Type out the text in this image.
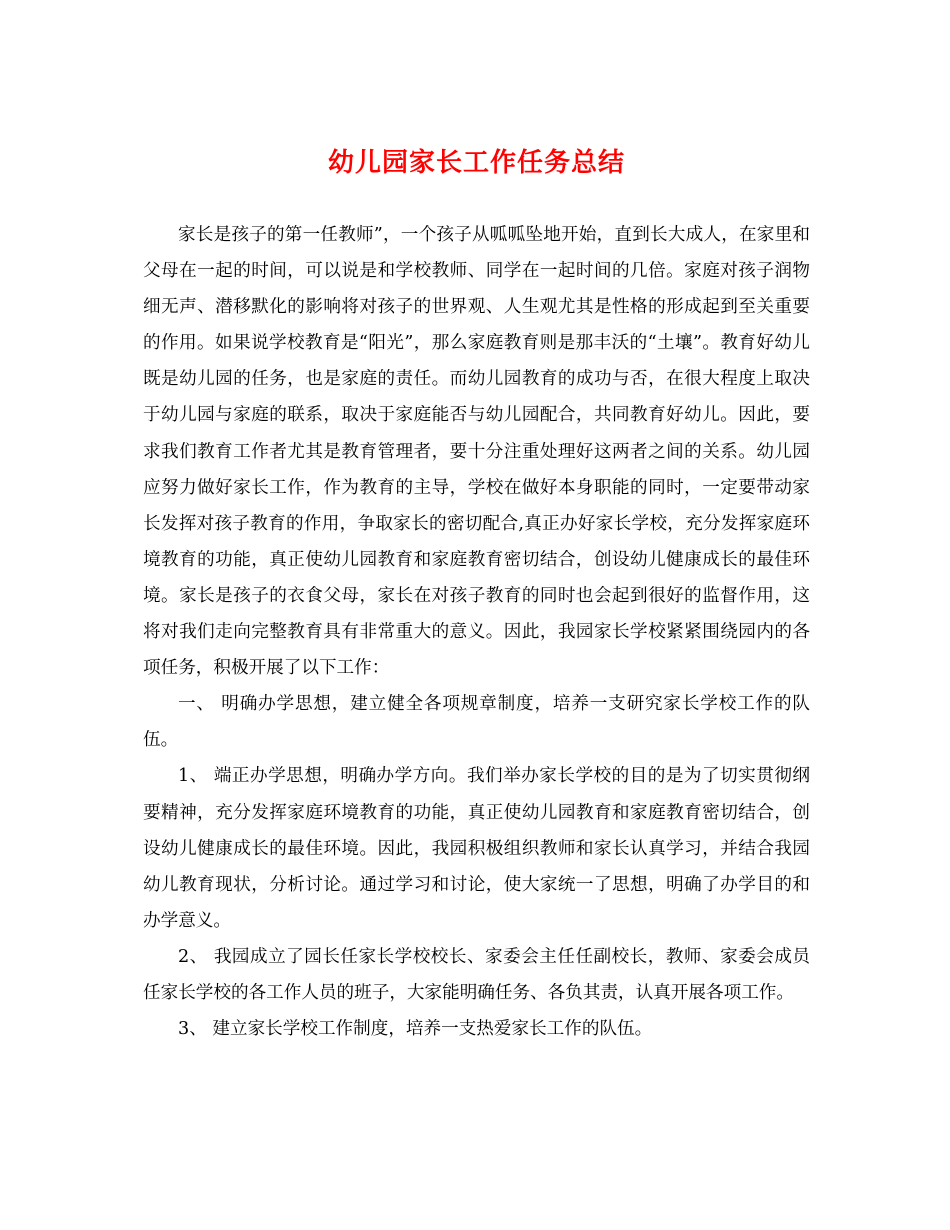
幼儿园家长工作任务总结

家长是孩子的第一任教师”，一个孩子从呱呱坠地开始，直到长大成人，在家里和父母在一起的时间，可以说是和学校教师、同学在一起时间的几倍。家庭对孩子润物细无声、潜移默化的影响将对孩子的世界观、人生观尤其是性格的形成起到至关重要的作用。如果说学校教育是“阳光”，那么家庭教育则是那丰沃的“土壤”。教育好幼儿既是幼儿园的任务，也是家庭的责任。而幼儿园教育的成功与否，在很大程度上取决于幼儿园与家庭的联系，取决于家庭能否与幼儿园配合，共同教育好幼儿。因此，要求我们教育工作者尤其是教育管理者，要十分注重处理好这两者之间的关系。幼儿园应努力做好家长工作，作为教育的主导，学校在做好本身职能的同时，一定要带动家长发挥对孩子教育的作用，争取家长的密切配合,真正办好家长学校，充分发挥家庭环境教育的功能，真正使幼儿园教育和家庭教育密切结合，创设幼儿健康成长的最佳环境。家长是孩子的衣食父母，家长在对孩子教育的同时也会起到很好的监督作用，这将对我们走向完整教育具有非常重大的意义。因此，我园家长学校紧紧围绕园内的各项任务，积极开展了以下工作：

一、 明确办学思想，建立健全各项规章制度，培养一支研究家长学校工作的队伍。

1、 端正办学思想，明确办学方向。我们举办家长学校的目的是为了切实贯彻纲要精神，充分发挥家庭环境教育的功能，真正使幼儿园教育和家庭教育密切结合，创设幼儿健康成长的最佳环境。因此，我园积极组织教师和家长认真学习，并结合我园幼儿教育现状，分析讨论。通过学习和讨论，使大家统一了思想，明确了办学目的和办学意义。

2、 我园成立了园长任家长学校校长、家委会主任任副校长，教师、家委会成员任家长学校的各工作人员的班子，大家能明确任务、各负其责，认真开展各项工作。

3、 建立家长学校工作制度，培养一支热爱家长工作的队伍。
